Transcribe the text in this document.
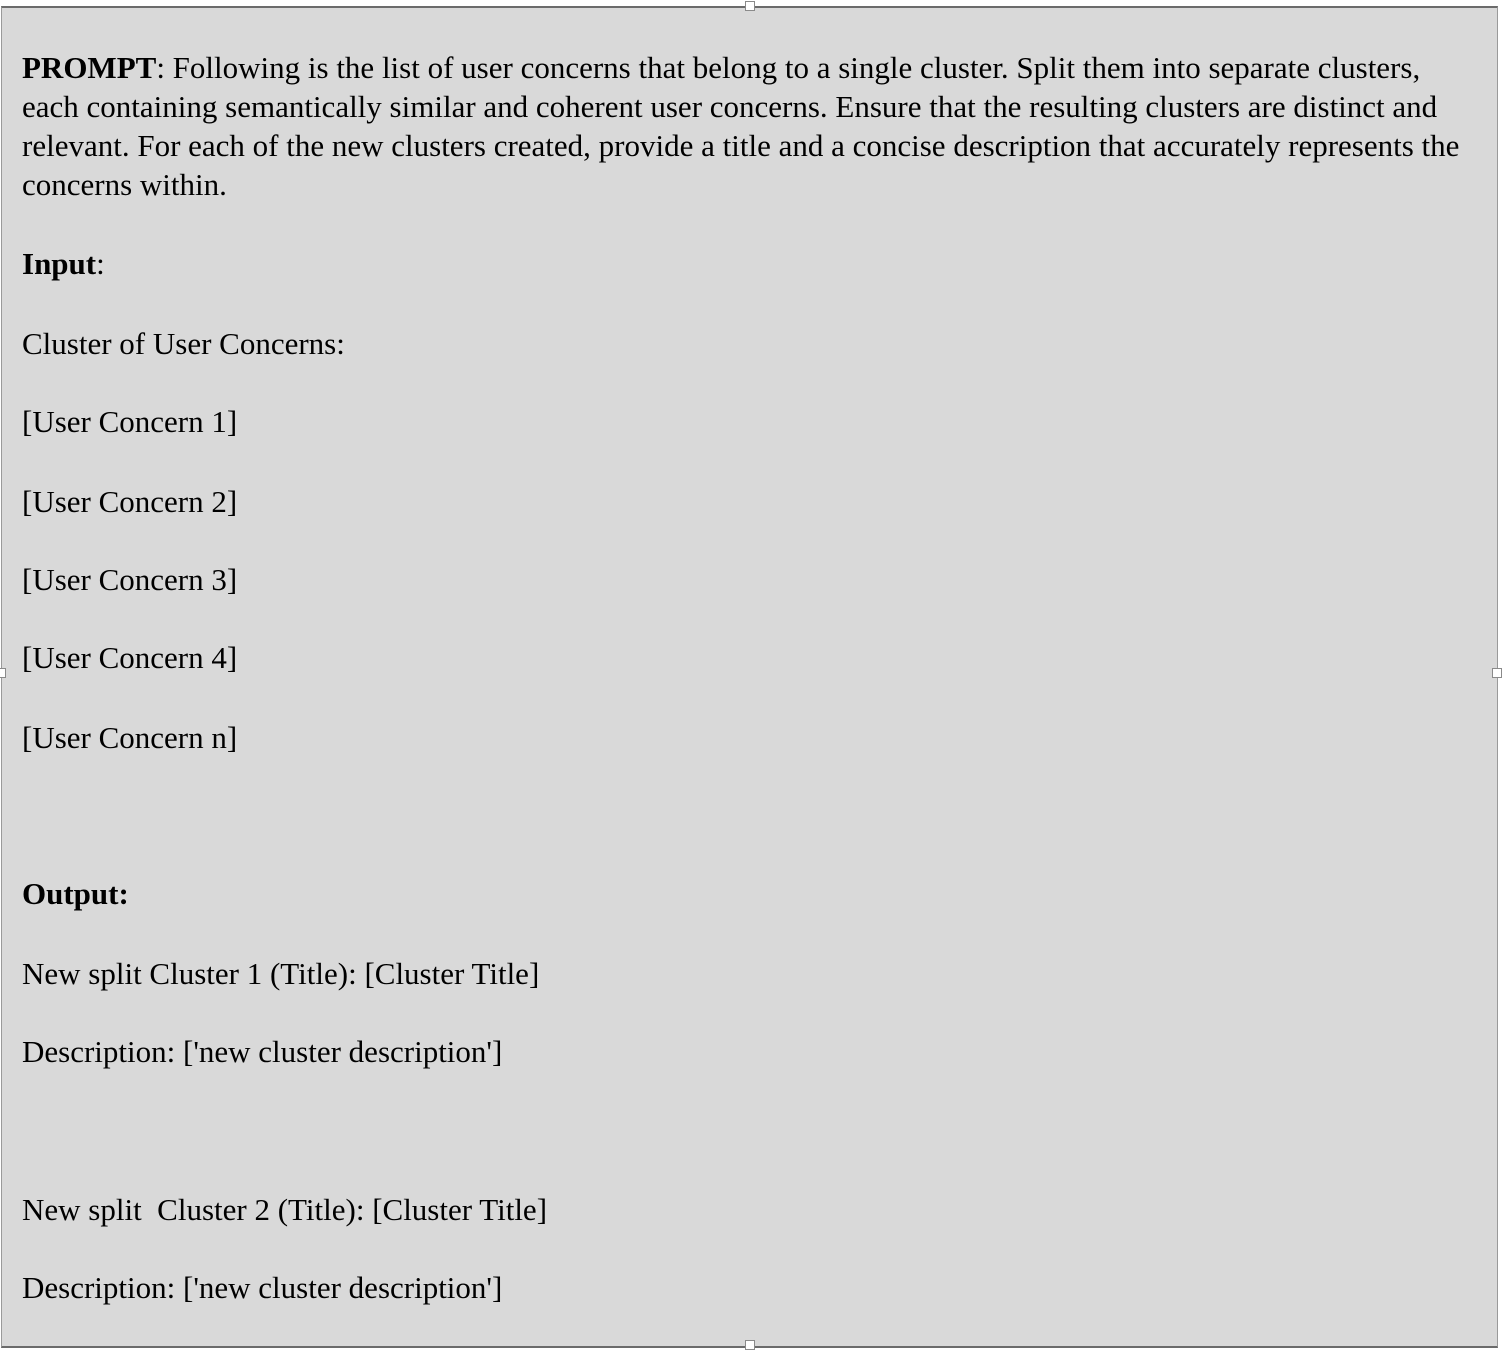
PROMPT: Following is the list of user concerns that belong to a single cluster. Split them into separate clusters, each containing semantically similar and coherent user concerns. Ensure that the resulting clusters are distinct and relevant. For each of the new clusters created, provide a title and a concise description that accurately represents the concerns within.
Input:
Cluster of User Concerns:
[User Concern 1]
[User Concern 2]
[User Concern 3]
[User Concern 4]
[User Concern n]
Output:
New split Cluster 1 (Title): [Cluster Title]
Description: ['new cluster description']
New split  Cluster 2 (Title): [Cluster Title]
Description: ['new cluster description']
